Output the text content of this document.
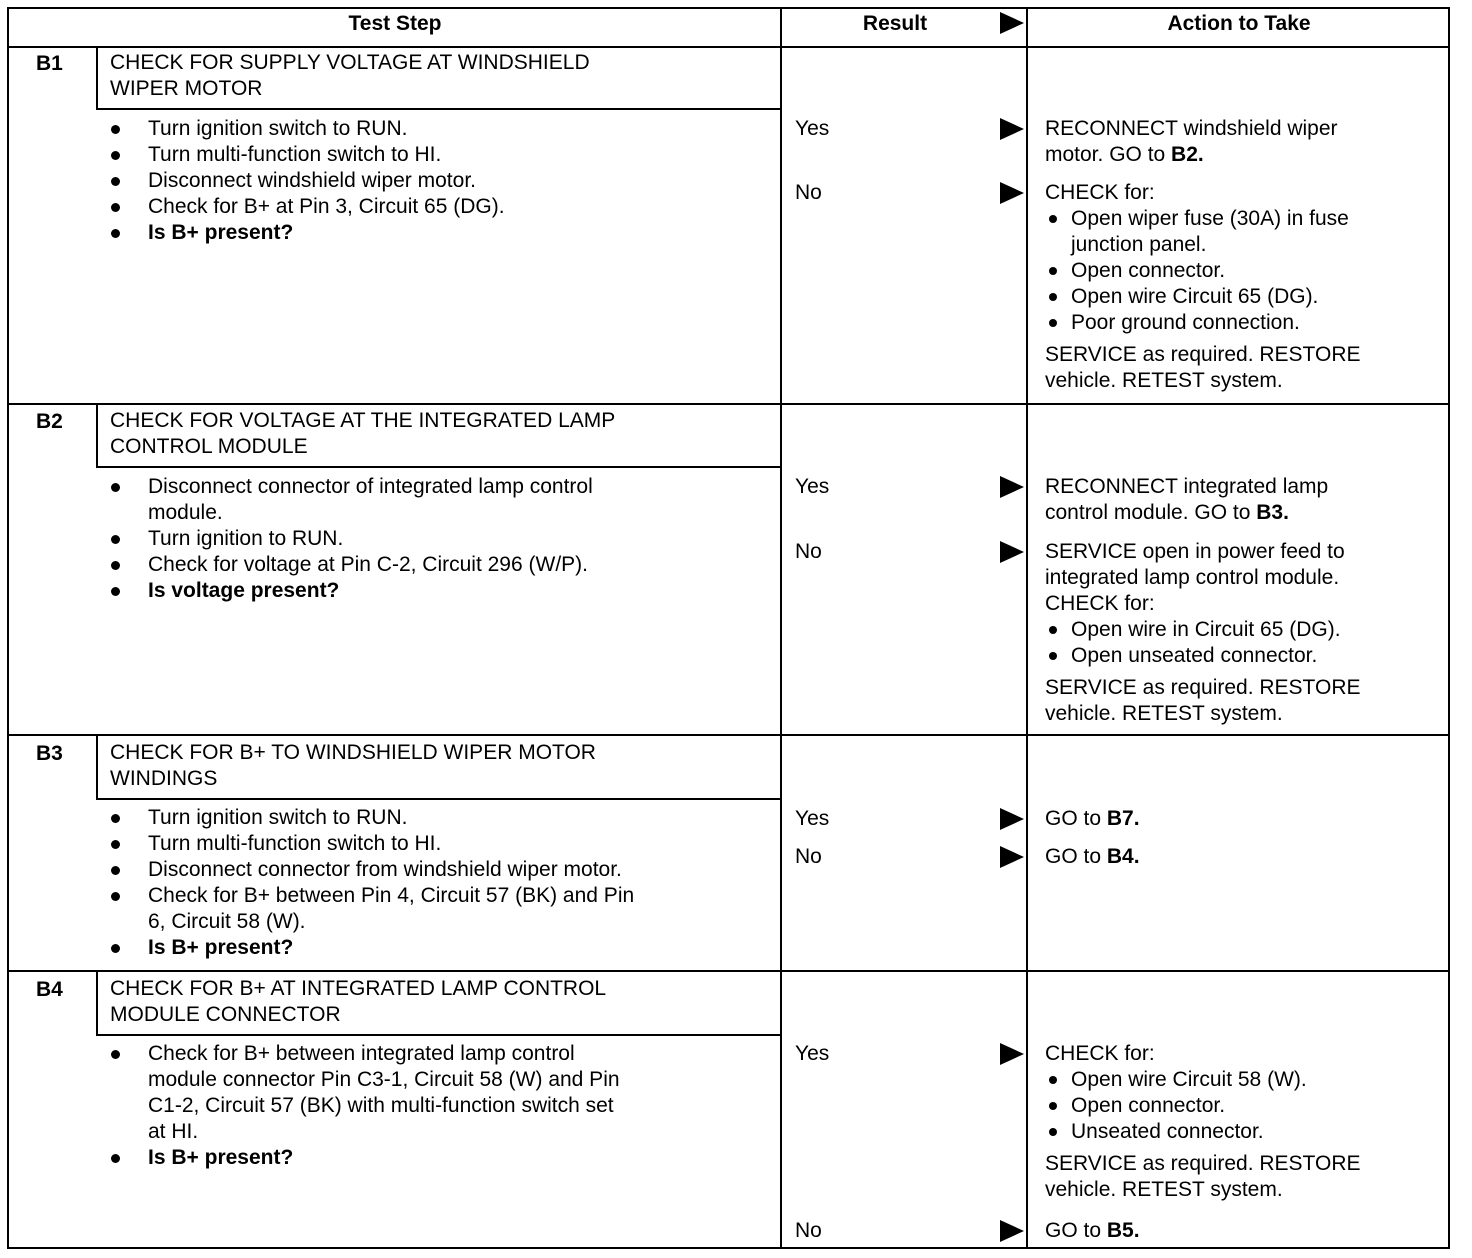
Test Step	Result	Action to Take
B1 CHECK FOR SUPPLY VOLTAGE AT WINDSHIELD
WIPER MOTOR
Turn ignition switch to RUN.
Turn multi-function switch to HI.
Disconnect windshield wiper motor.
Check for B+ at Pin 3, Circuit 65 (DG).
Is B+ present?
Yes	RECONNECT windshield wiper
motor. GO to B2.
No	CHECK for:
Open wiper fuse (30A) in fuse
junction panel.
Open connector.
Open wire Circuit 65 (DG).
Poor ground connection.
SERVICE as required. RESTORE
vehicle. RETEST system.
B2 CHECK FOR VOLTAGE AT THE INTEGRATED LAMP
CONTROL MODULE
Disconnect connector of integrated lamp control
module.
Turn ignition to RUN.
Check for voltage at Pin C-2, Circuit 296 (W/P).
Is voltage present?
Yes	RECONNECT integrated lamp
control module. GO to B3.
No	SERVICE open in power feed to
integrated lamp control module.
CHECK for:
Open wire in Circuit 65 (DG).
Open unseated connector.
SERVICE as required. RESTORE
vehicle. RETEST system.
B3 CHECK FOR B+ TO WINDSHIELD WIPER MOTOR
WINDINGS
Turn ignition switch to RUN.
Turn multi-function switch to HI.
Disconnect connector from windshield wiper motor.
Check for B+ between Pin 4, Circuit 57 (BK) and Pin
6, Circuit 58 (W).
Is B+ present?
Yes	GO to B7.
No	GO to B4.
B4 CHECK FOR B+ AT INTEGRATED LAMP CONTROL
MODULE CONNECTOR
Check for B+ between integrated lamp control
module connector Pin C3-1, Circuit 58 (W) and Pin
C1-2, Circuit 57 (BK) with multi-function switch set
at HI.
Is B+ present?
Yes	CHECK for:
Open wire Circuit 58 (W).
Open connector.
Unseated connector.
SERVICE as required. RESTORE
vehicle. RETEST system.
No	GO to B5.
